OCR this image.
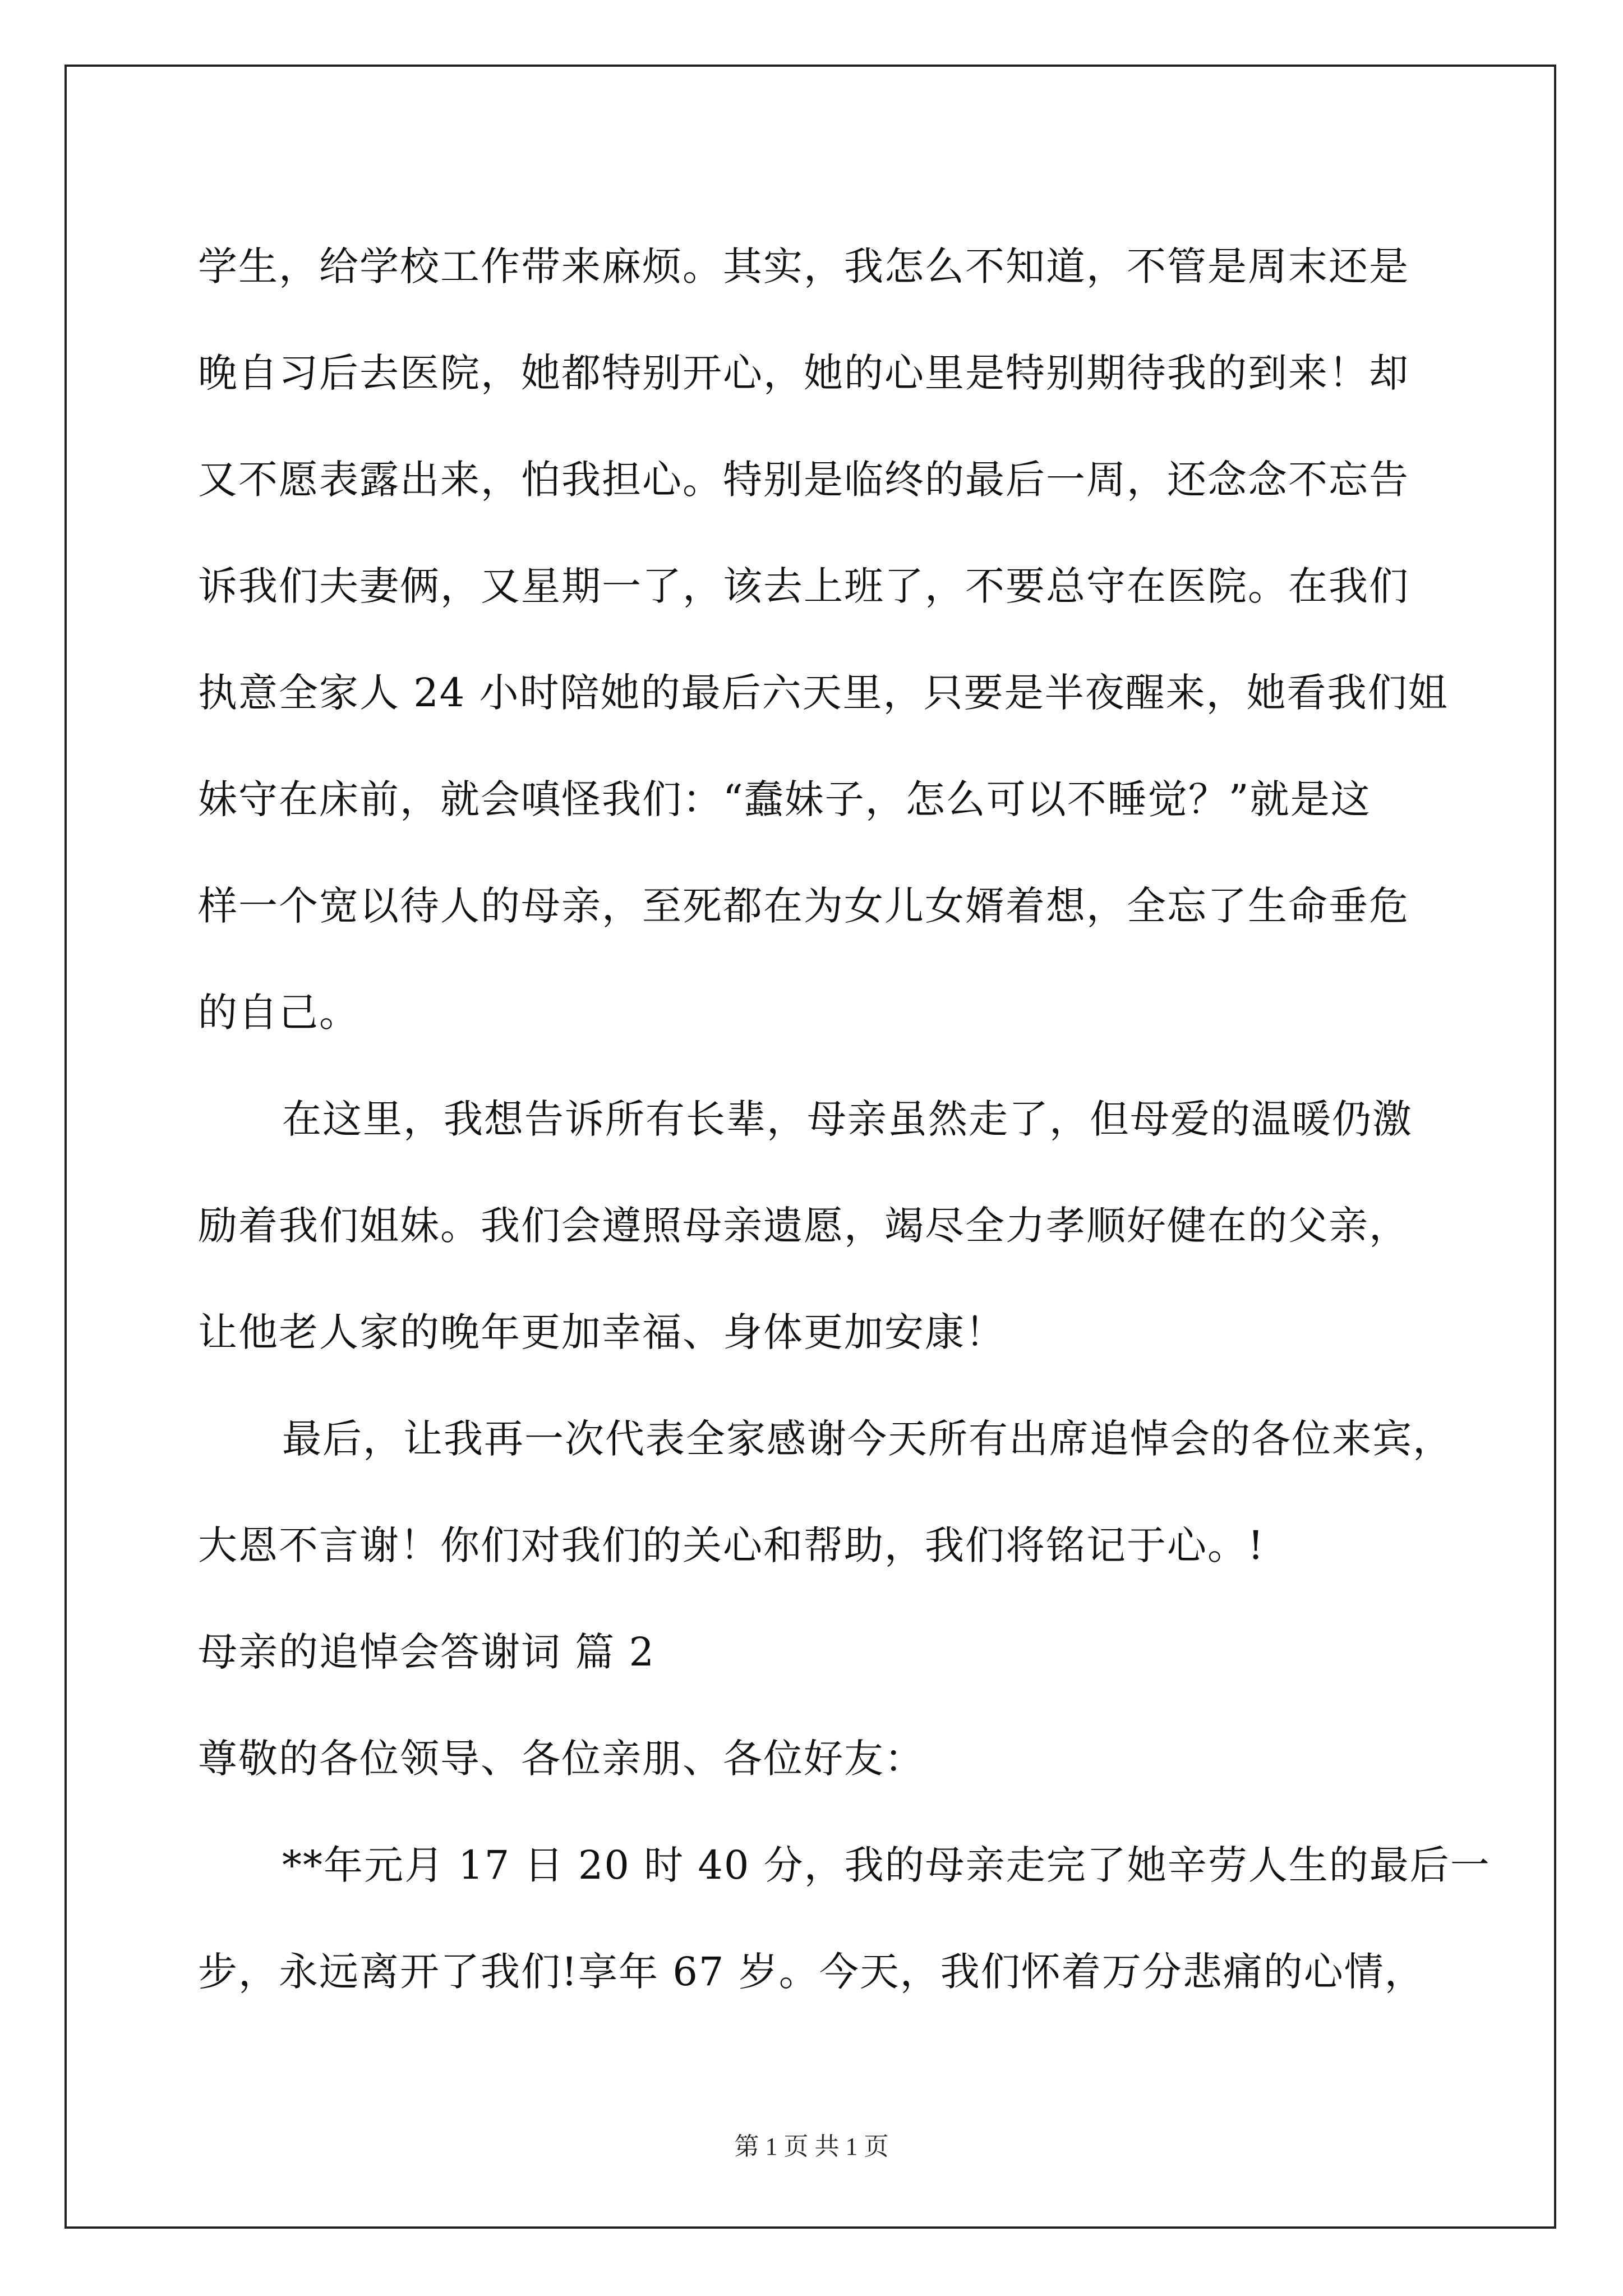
学生，给学校工作带来麻烦。其实，我怎么不知道，不管是周末还是
晚自习后去医院，她都特别开心，她的心里是特别期待我的到来！却
又不愿表露出来，怕我担心。特别是临终的最后一周，还念念不忘告
诉我们夫妻俩，又星期一了，该去上班了，不要总守在医院。在我们
执意全家人 24 小时陪她的最后六天里，只要是半夜醒来，她看我们姐
妹守在床前，就会嗔怪我们：“蠢妹子，怎么可以不睡觉？”就是这
样一个宽以待人的母亲，至死都在为女儿女婿着想，全忘了生命垂危
的自己。
在这里，我想告诉所有长辈，母亲虽然走了，但母爱的温暖仍激
励着我们姐妹。我们会遵照母亲遗愿，竭尽全力孝顺好健在的父亲，
让他老人家的晚年更加幸福、身体更加安康！
最后，让我再一次代表全家感谢今天所有出席追悼会的各位来宾，
大恩不言谢！你们对我们的关心和帮助，我们将铭记于心。!
母亲的追悼会答谢词 篇 2
尊敬的各位领导、各位亲朋、各位好友：
**年元月 17 日 20 时 40 分，我的母亲走完了她辛劳人生的最后一
步，永远离开了我们!享年 67 岁。今天，我们怀着万分悲痛的心情，
第 1 页 共 1 页
